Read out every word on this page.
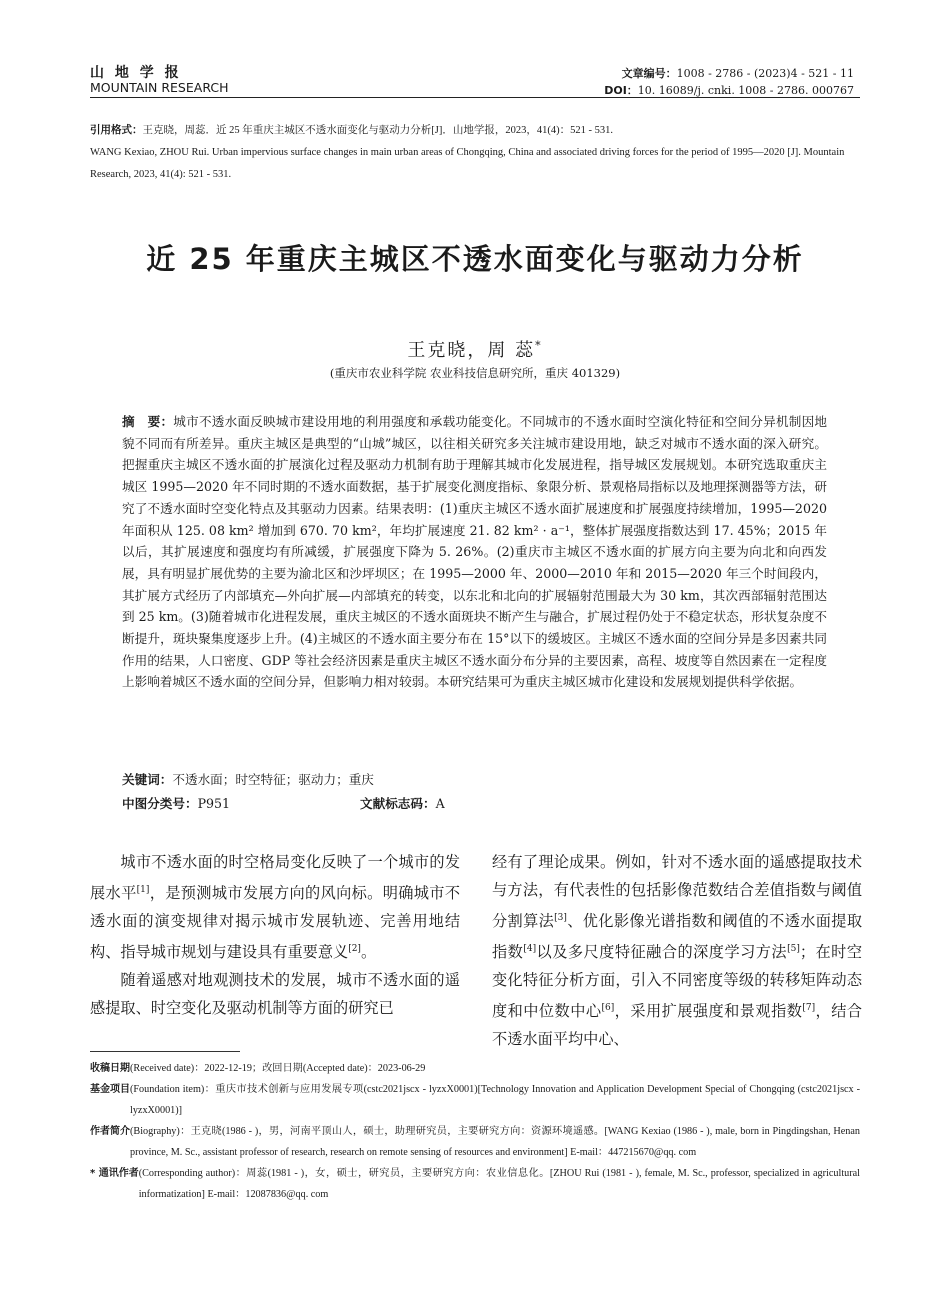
山 地 学 报
MOUNTAIN RESEARCH
文章编号：1008 - 2786 - (2023)4 - 521 - 11
DOI：10. 16089/j. cnki. 1008 - 2786. 000767
引用格式：王克晓，周蕊．近 25 年重庆主城区不透水面变化与驱动力分析[J]．山地学报，2023，41(4)：521 - 531.
WANG Kexiao, ZHOU Rui. Urban impervious surface changes in main urban areas of Chongqing, China and associated driving forces for the period of 1995—2020 [J]. Mountain Research, 2023, 41(4): 521 - 531.
近 25 年重庆主城区不透水面变化与驱动力分析
王克晓，周 蕊*
(重庆市农业科学院 农业科技信息研究所，重庆 401329)
摘　要：城市不透水面反映城市建设用地的利用强度和承载功能变化。不同城市的不透水面时空演化特征和空间分异机制因地貌不同而有所差异。重庆主城区是典型的“山城”城区，以往相关研究多关注城市建设用地，缺乏对城市不透水面的深入研究。把握重庆主城区不透水面的扩展演化过程及驱动力机制有助于理解其城市化发展进程，指导城区发展规划。本研究选取重庆主城区 1995—2020 年不同时期的不透水面数据，基于扩展变化测度指标、象限分析、景观格局指标以及地理探测器等方法，研究了不透水面时空变化特点及其驱动力因素。结果表明：(1)重庆主城区不透水面扩展速度和扩展强度持续增加，1995—2020 年面积从 125. 08 km² 增加到 670. 70 km²，年均扩展速度 21. 82 km² · a⁻¹，整体扩展强度指数达到 17. 45%；2015 年以后，其扩展速度和强度均有所减缓，扩展强度下降为 5. 26%。(2)重庆市主城区不透水面的扩展方向主要为向北和向西发展，具有明显扩展优势的主要为渝北区和沙坪坝区；在 1995—2000 年、2000—2010 年和 2015—2020 年三个时间段内，其扩展方式经历了内部填充—外向扩展—内部填充的转变，以东北和北向的扩展辐射范围最大为 30 km，其次西部辐射范围达到 25 km。(3)随着城市化进程发展，重庆主城区的不透水面斑块不断产生与融合，扩展过程仍处于不稳定状态，形状复杂度不断提升，斑块聚集度逐步上升。(4)主城区的不透水面主要分布在 15°以下的缓坡区。主城区不透水面的空间分异是多因素共同作用的结果，人口密度、GDP 等社会经济因素是重庆主城区不透水面分布分异的主要因素，高程、坡度等自然因素在一定程度上影响着城区不透水面的空间分异，但影响力相对较弱。本研究结果可为重庆主城区城市化建设和发展规划提供科学依据。
关键词：不透水面；时空特征；驱动力；重庆
中图分类号：P951	文献标志码：A

城市不透水面的时空格局变化反映了一个城市的发展水平[1]，是预测城市发展方向的风向标。明确城市不透水面的演变规律对揭示城市发展轨迹、完善用地结构、指导城市规划与建设具有重要意义[2]。

随着遥感对地观测技术的发展，城市不透水面的遥感提取、时空变化及驱动机制等方面的研究已

经有了理论成果。例如，针对不透水面的遥感提取技术与方法，有代表性的包括影像范数结合差值指数与阈值分割算法[3]、优化影像光谱指数和阈值的不透水面提取指数[4]以及多尺度特征融合的深度学习方法[5]；在时空变化特征分析方面，引入不同密度等级的转移矩阵动态度和中位数中心[6]，采用扩展强度和景观指数[7]，结合不透水面平均中心、

收稿日期 (Received date)：2022-12-19；改回日期(Accepted date)：2023-06-29
基金项目 (Foundation item)：重庆市技术创新与应用发展专项(cstc2021jscx - lyzxX0001)[Technology Innovation and Application Development Special of Chongqing (cstc2021jscx - lyzxX0001)]
作者简介 (Biography)：王克晓(1986 - )，男，河南平顶山人，硕士，助理研究员，主要研究方向：资源环境遥感。[WANG Kexiao (1986 - ), male, born in Pingdingshan, Henan province, M. Sc., assistant professor of research, research on remote sensing of resources and environment] E-mail：447215670@qq. com
* 通讯作者 (Corresponding author)：周蕊(1981 - )，女，硕士，研究员，主要研究方向：农业信息化。[ZHOU Rui (1981 - ), female, M. Sc., professor, specialized in agricultural informatization] E-mail：12087836@qq. com
